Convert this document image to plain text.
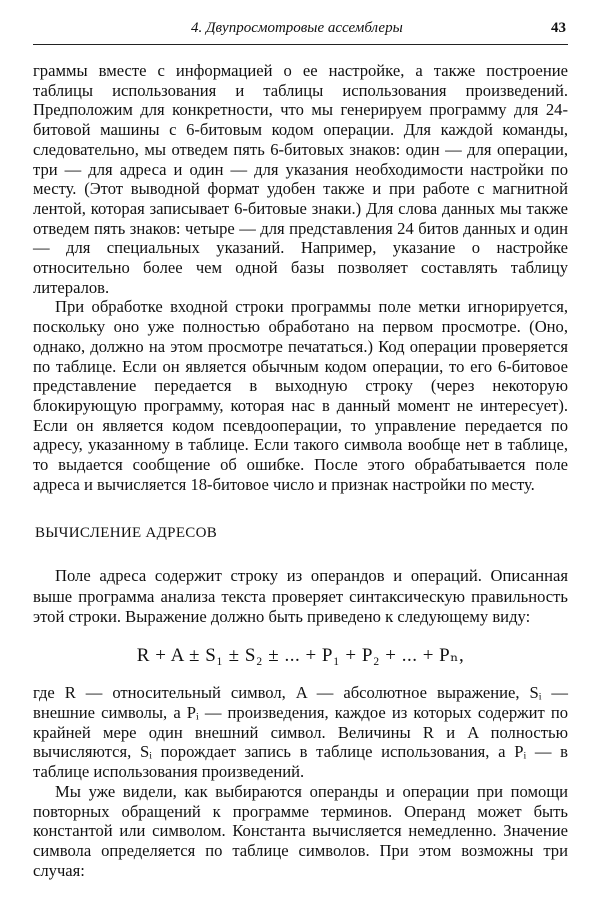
4. Двупросмотровые ассемблеры	43

граммы вместе с информацией о ее настройке, а также построение таблицы использования и таблицы использования произведений. Предположим для конкретности, что мы генерируем программу для 24-битовой машины с 6-битовым кодом операции. Для каждой команды, следовательно, мы отведем пять 6-битовых знаков: один — для операции, три — для адреса и один — для указания необходимости настройки по месту. (Этот выводной формат удобен также и при работе с магнитной лентой, которая записывает 6-битовые знаки.) Для слова данных мы также отведем пять знаков: четыре — для представления 24 битов данных и один — для специальных указаний. Например, указание о настройке относительно более чем одной базы позволяет составлять таблицу литералов.

При обработке входной строки программы поле метки игнорируется, поскольку оно уже полностью обработано на первом просмотре. (Оно, однако, должно на этом просмотре печататься.) Код операции проверяется по таблице. Если он является обычным кодом операции, то его 6-битовое представление передается в выходную строку (через некоторую блокирующую программу, которая нас в данный момент не интересует). Если он является кодом псевдооперации, то управление передается по адресу, указанному в таблице. Если такого символа вообще нет в таблице, то выдается сообщение об ошибке. После этого обрабатывается поле адреса и вычисляется 18-битовое число и признак настройки по месту.

ВЫЧИСЛЕНИЕ АДРЕСОВ

Поле адреса содержит строку из операндов и операций. Описанная выше программа анализа текста проверяет синтаксическую правильность этой строки. Выражение должно быть приведено к следующему виду:

R + A ± S₁ ± S₂ ± ... + P₁ + P₂ + ... + Pₙ,

где R — относительный символ, A — абсолютное выражение, Sᵢ — внешние символы, а Pᵢ — произведения, каждое из которых содержит по крайней мере один внешний символ. Величины R и A полностью вычисляются, Sᵢ порождает запись в таблице использования, а Pᵢ — в таблице использования произведений.

Мы уже видели, как выбираются операнды и операции при помощи повторных обращений к программе терминов. Операнд может быть константой или символом. Константа вычисляется немедленно. Значение символа определяется по таблице символов. При этом возможны три случая:
